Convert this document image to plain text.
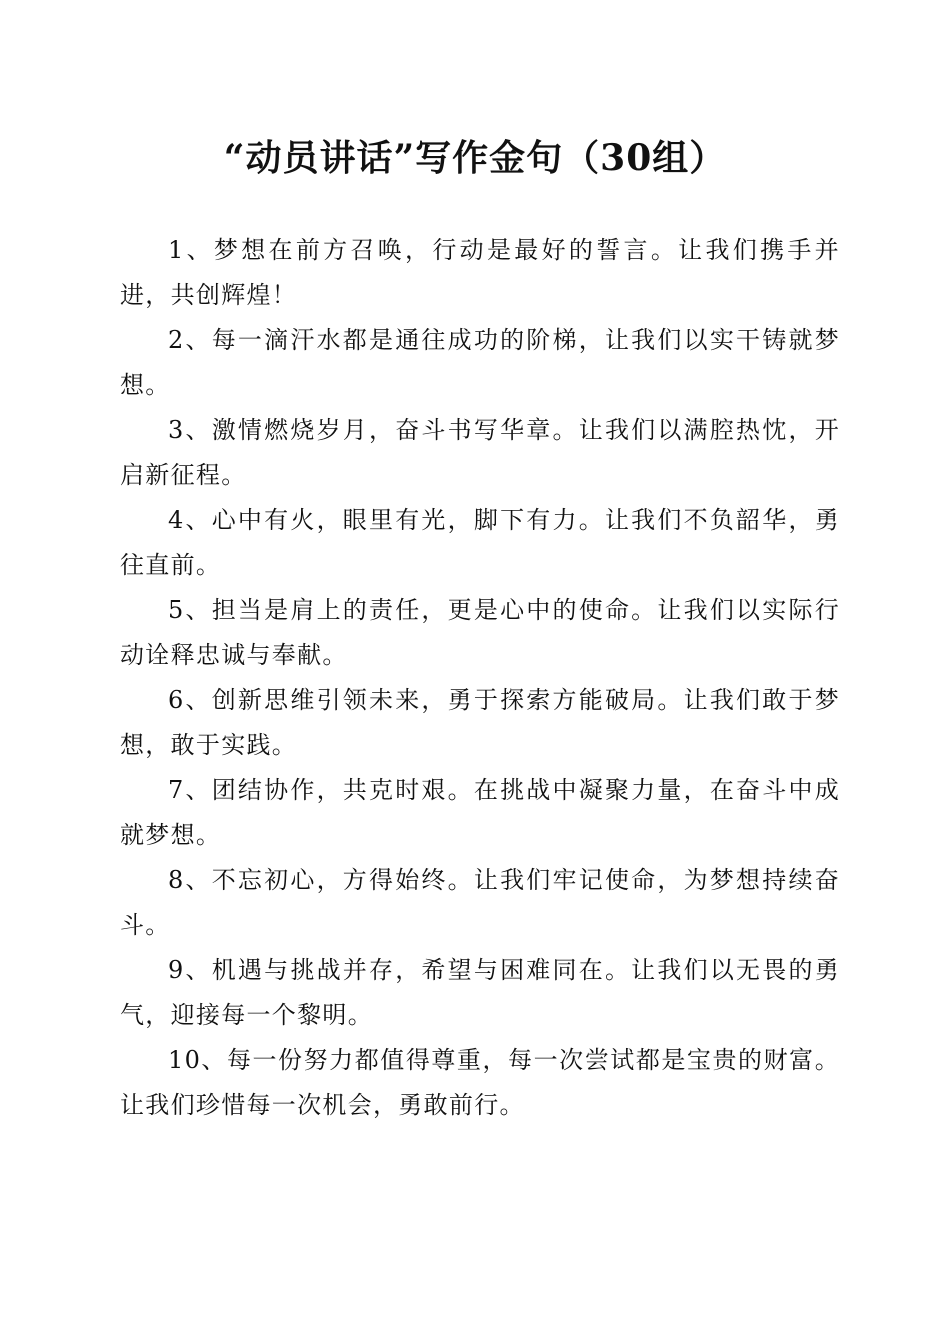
“动员讲话”写作金句（30组）

1、梦想在前方召唤，行动是最好的誓言。让我们携手并进，共创辉煌！

2、每一滴汗水都是通往成功的阶梯，让我们以实干铸就梦想。

3、激情燃烧岁月，奋斗书写华章。让我们以满腔热忱，开启新征程。

4、心中有火，眼里有光，脚下有力。让我们不负韶华，勇往直前。

5、担当是肩上的责任，更是心中的使命。让我们以实际行动诠释忠诚与奉献。

6、创新思维引领未来，勇于探索方能破局。让我们敢于梦想，敢于实践。

7、团结协作，共克时艰。在挑战中凝聚力量，在奋斗中成就梦想。

8、不忘初心，方得始终。让我们牢记使命，为梦想持续奋斗。

9、机遇与挑战并存，希望与困难同在。让我们以无畏的勇气，迎接每一个黎明。

10、每一份努力都值得尊重，每一次尝试都是宝贵的财富。让我们珍惜每一次机会，勇敢前行。
